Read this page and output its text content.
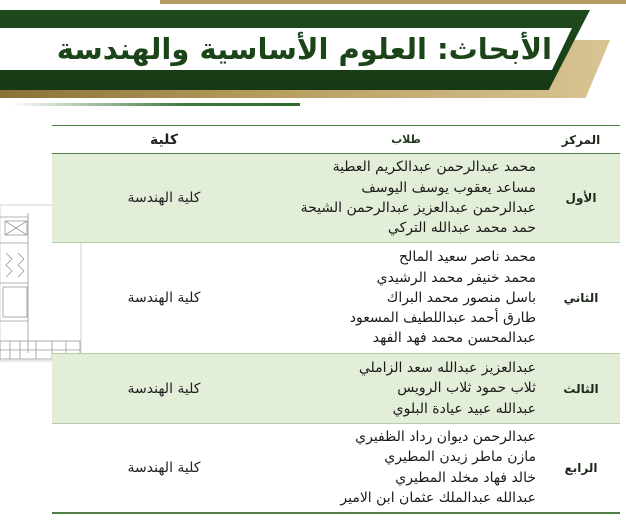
الأبحاث: العلوم الأساسية والهندسة
المركز	طلاب	كلية
الأول	محمد عبدالرحمن عبدالكريم العطية
مساعد يعقوب يوسف اليوسف
عبدالرحمن عبدالعزيز عبدالرحمن الشيحة
حمد محمد عبدالله التركي	كلية الهندسة
الثاني	محمد ناصر سعيد المالح
محمد خنيفر محمد الرشيدي
باسل منصور محمد البراك
طارق أحمد عبداللطيف المسعود
عبدالمحسن محمد فهد الفهد	كلية الهندسة
الثالث	عبدالعزيز عبدالله سعد الزاملي
ثلاب حمود ثلاب الرويس
عبدالله عبيد عيادة البلوي	كلية الهندسة
الرابع	عبدالرحمن ديوان رداد الظفيري
مازن ماطر زيدن المطيري
خالد فهاد مخلد المطيري
عبدالله عبدالملك عثمان ابن الامير	كلية الهندسة
